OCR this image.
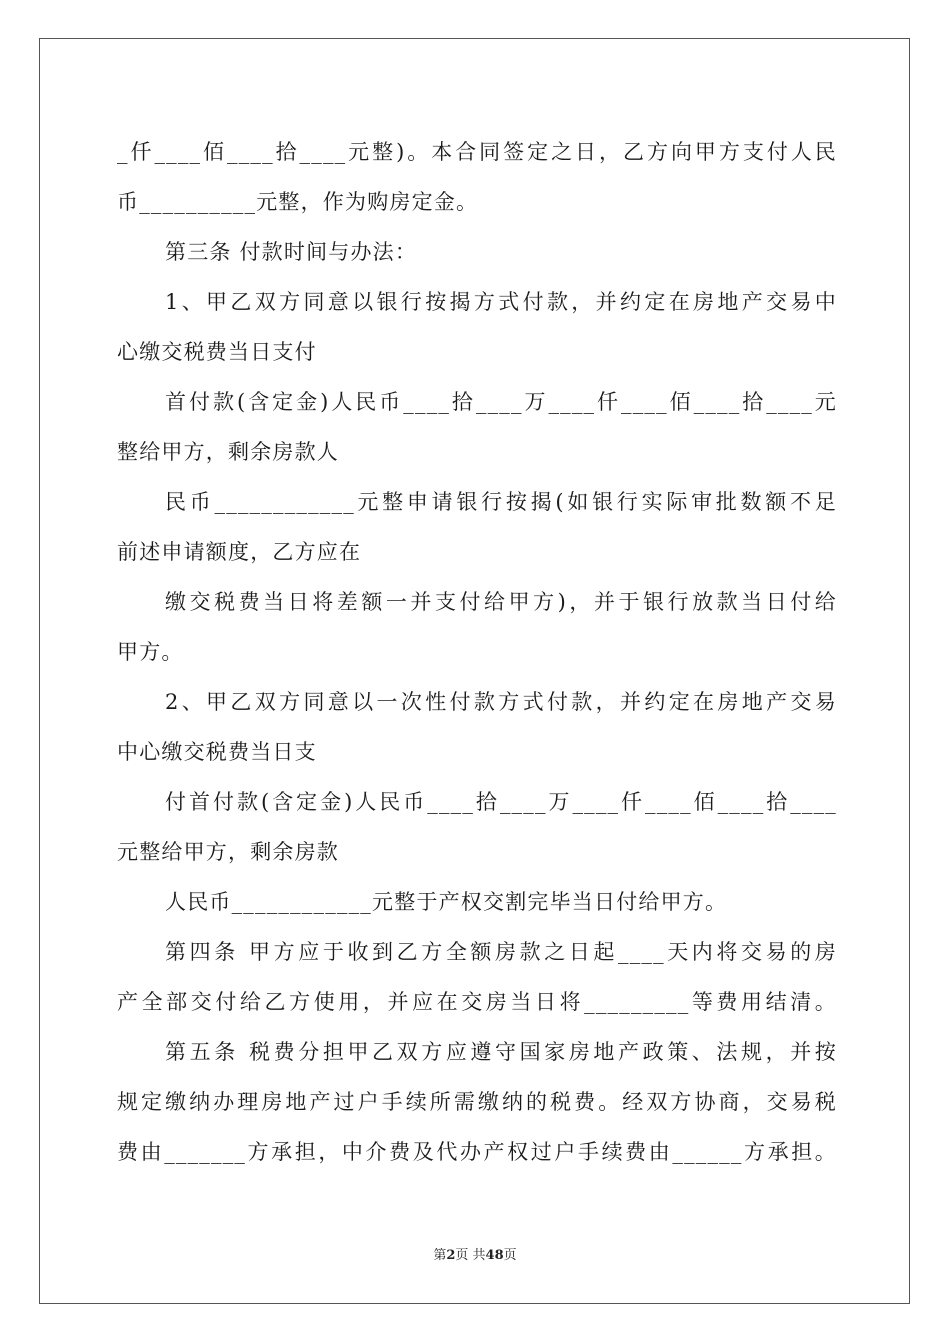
_仟____佰____拾____元整)。本合同签定之日，乙方向甲方支付人民
币__________元整，作为购房定金。
第三条 付款时间与办法：
1、甲乙双方同意以银行按揭方式付款，并约定在房地产交易中
心缴交税费当日支付
首付款(含定金)人民币____拾____万____仟____佰____拾____元
整给甲方，剩余房款人
民币____________元整申请银行按揭(如银行实际审批数额不足
前述申请额度，乙方应在
缴交税费当日将差额一并支付给甲方)，并于银行放款当日付给
甲方。
2、甲乙双方同意以一次性付款方式付款，并约定在房地产交易
中心缴交税费当日支
付首付款(含定金)人民币____拾____万____仟____佰____拾____
元整给甲方，剩余房款
人民币____________元整于产权交割完毕当日付给甲方。
第四条 甲方应于收到乙方全额房款之日起____天内将交易的房
产全部交付给乙方使用，并应在交房当日将_________等费用结清。
第五条 税费分担甲乙双方应遵守国家房地产政策、法规，并按
规定缴纳办理房地产过户手续所需缴纳的税费。经双方协商，交易税
费由_______方承担，中介费及代办产权过户手续费由______方承担。
第2页 共48页
